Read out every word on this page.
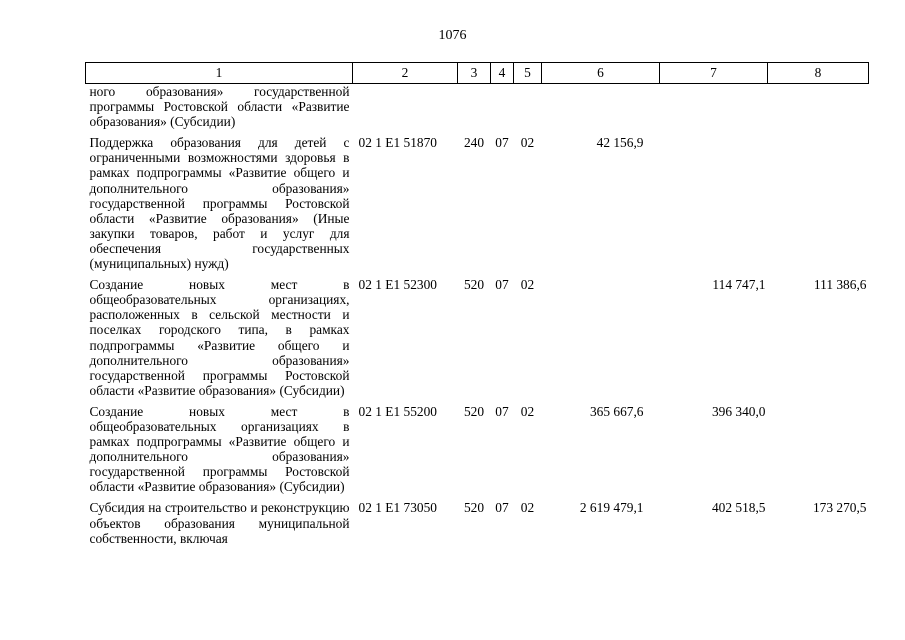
1076
1	2	3	4	5	6	7	8
ного образования» государственной программы Ростовской области «Развитие образования» (Субсидии)							
Поддержка образования для детей с ограниченными возможностями здоровья в рамках подпрограммы «Развитие общего и дополнительного образования» государственной программы Ростовской области «Развитие образования» (Иные закупки товаров, работ и услуг для обеспечения государственных (муниципальных) нужд)	02 1 E1 51870	240	07	02	42 156,9		
Создание новых мест в общеобразовательных организациях, расположенных в сельской местности и поселках городского типа, в рамках подпрограммы «Развитие общего и дополнительного образования» государственной программы Ростовской области «Развитие образования» (Субсидии)	02 1 E1 52300	520	07	02		114 747,1	111 386,6
Создание новых мест в общеобразовательных организациях в рамках подпрограммы «Развитие общего и дополнительного образования» государственной программы Ростовской области «Развитие образования» (Субсидии)	02 1 E1 55200	520	07	02	365 667,6	396 340,0	
Субсидия на строительство и реконструкцию объектов образования муниципальной собственности, включая	02 1 E1 73050	520	07	02	2 619 479,1	402 518,5	173 270,5
